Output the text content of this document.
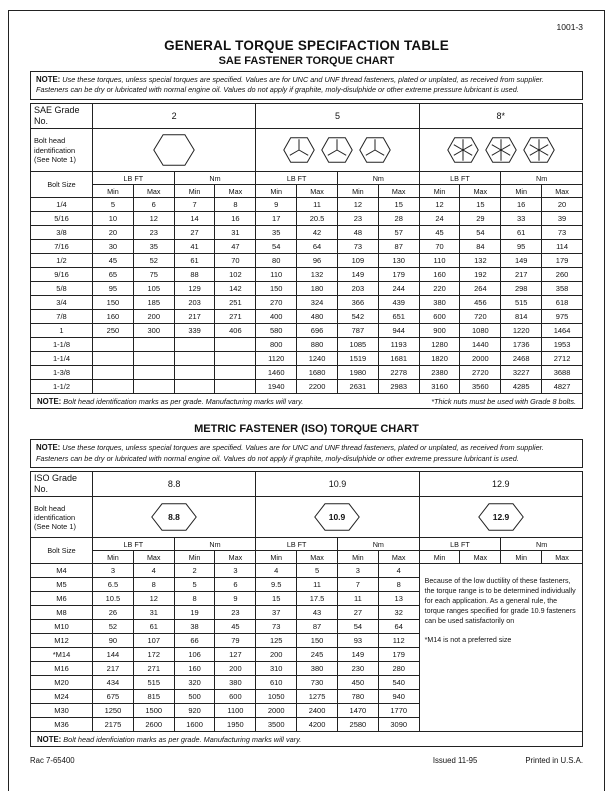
1001-3
GENERAL TORQUE SPECIFACTION TABLE
SAE FASTENER TORQUE CHART
NOTE: Use these torques, unless special torques are specified. Values are for UNC and UNF thread fasteners, plated or unplated, as received from supplier. Fasteners can be dry or lubricated with normal engine oil. Values do not apply if graphite, moly-disulphide or other extreme pressure lubricant is used.
SAE Grade No.	2				5				8*			
Bolt head identification (See Note 1)			
Bolt Size	LB FT		Nm		LB FT		Nm		LB FT		Nm	
	Min	Max	Min	Max	Min	Max	Min	Max	Min	Max	Min	Max
1/4	5	6	7	8	9	11	12	15	12	15	16	20
5/16	10	12	14	16	17	20.5	23	28	24	29	33	39
3/8	20	23	27	31	35	42	48	57	45	54	61	73
7/16	30	35	41	47	54	64	73	87	70	84	95	114
1/2	45	52	61	70	80	96	109	130	110	132	149	179
9/16	65	75	88	102	110	132	149	179	160	192	217	260
5/8	95	105	129	142	150	180	203	244	220	264	298	358
3/4	150	185	203	251	270	324	366	439	380	456	515	618
7/8	160	200	217	271	400	480	542	651	600	720	814	975
1	250	300	339	406	580	696	787	944	900	1080	1220	1464
1-1/8					800	880	1085	1193	1280	1440	1736	1953
1-1/4					1120	1240	1519	1681	1820	2000	2468	2712
1-3/8					1460	1680	1980	2278	2380	2720	3227	3688
1-1/2					1940	2200	2631	2983	3160	3560	4285	4827

NOTE: Bolt head identification marks as per grade. Manufacturing marks will vary. *Thick nuts must be used with Grade 8 bolts.												
METRIC FASTENER (ISO) TORQUE CHART
NOTE: Use these torques, unless special torques are specified. Values are for UNC and UNF thread fasteners, plated or unplated, as received from supplier. Fasteners can be dry or lubricated with normal engine oil. Values do not apply if graphite, moly-disulphide or other extreme pressure lubricant is used.
ISO Grade No.	8.8				10.9				12.9			
Bolt head identification (See Note 1)	8.8				10.9				12.9			

Bolt Size	LB FT		Nm		LB FT		Nm		LB FT		Nm	
	Min	Max	Min	Max	Min	Max	Min	Max	Min	Max	Min	Max
M4	3	4	2	3	4	5	3	4	Because of the low ductility of these fasteners, the torque range is to be determined individually for each application. As a general rule, the torque ranges specified for grade 10.9 fasteners can be used satisfactorily on
*M14 is not a preferred size			

M5	6.5	8	5	6	9.5	11	7	8				
M6	10.5	12	8	9	15	17.5	11	13				
M8	26	31	19	23	37	43	27	32				
M10	52	61	38	45	73	87	54	64				
M12	90	107	66	79	125	150	93	112				
*M14	144	172	106	127	200	245	149	179				
M16	217	271	160	200	310	380	230	280				
M20	434	515	320	380	610	730	450	540				
M24	675	815	500	600	1050	1275	780	940				
M30	1250	1500	920	1100	2000	2400	1470	1770				
M36	2175	2600	1600	1950	3500	4200	2580	3090				

NOTE: Bolt head idenficiation marks as per grade. Manufacturing marks will vary.												
Rac 7-65400	Issued 11-95	Printed in U.S.A.
